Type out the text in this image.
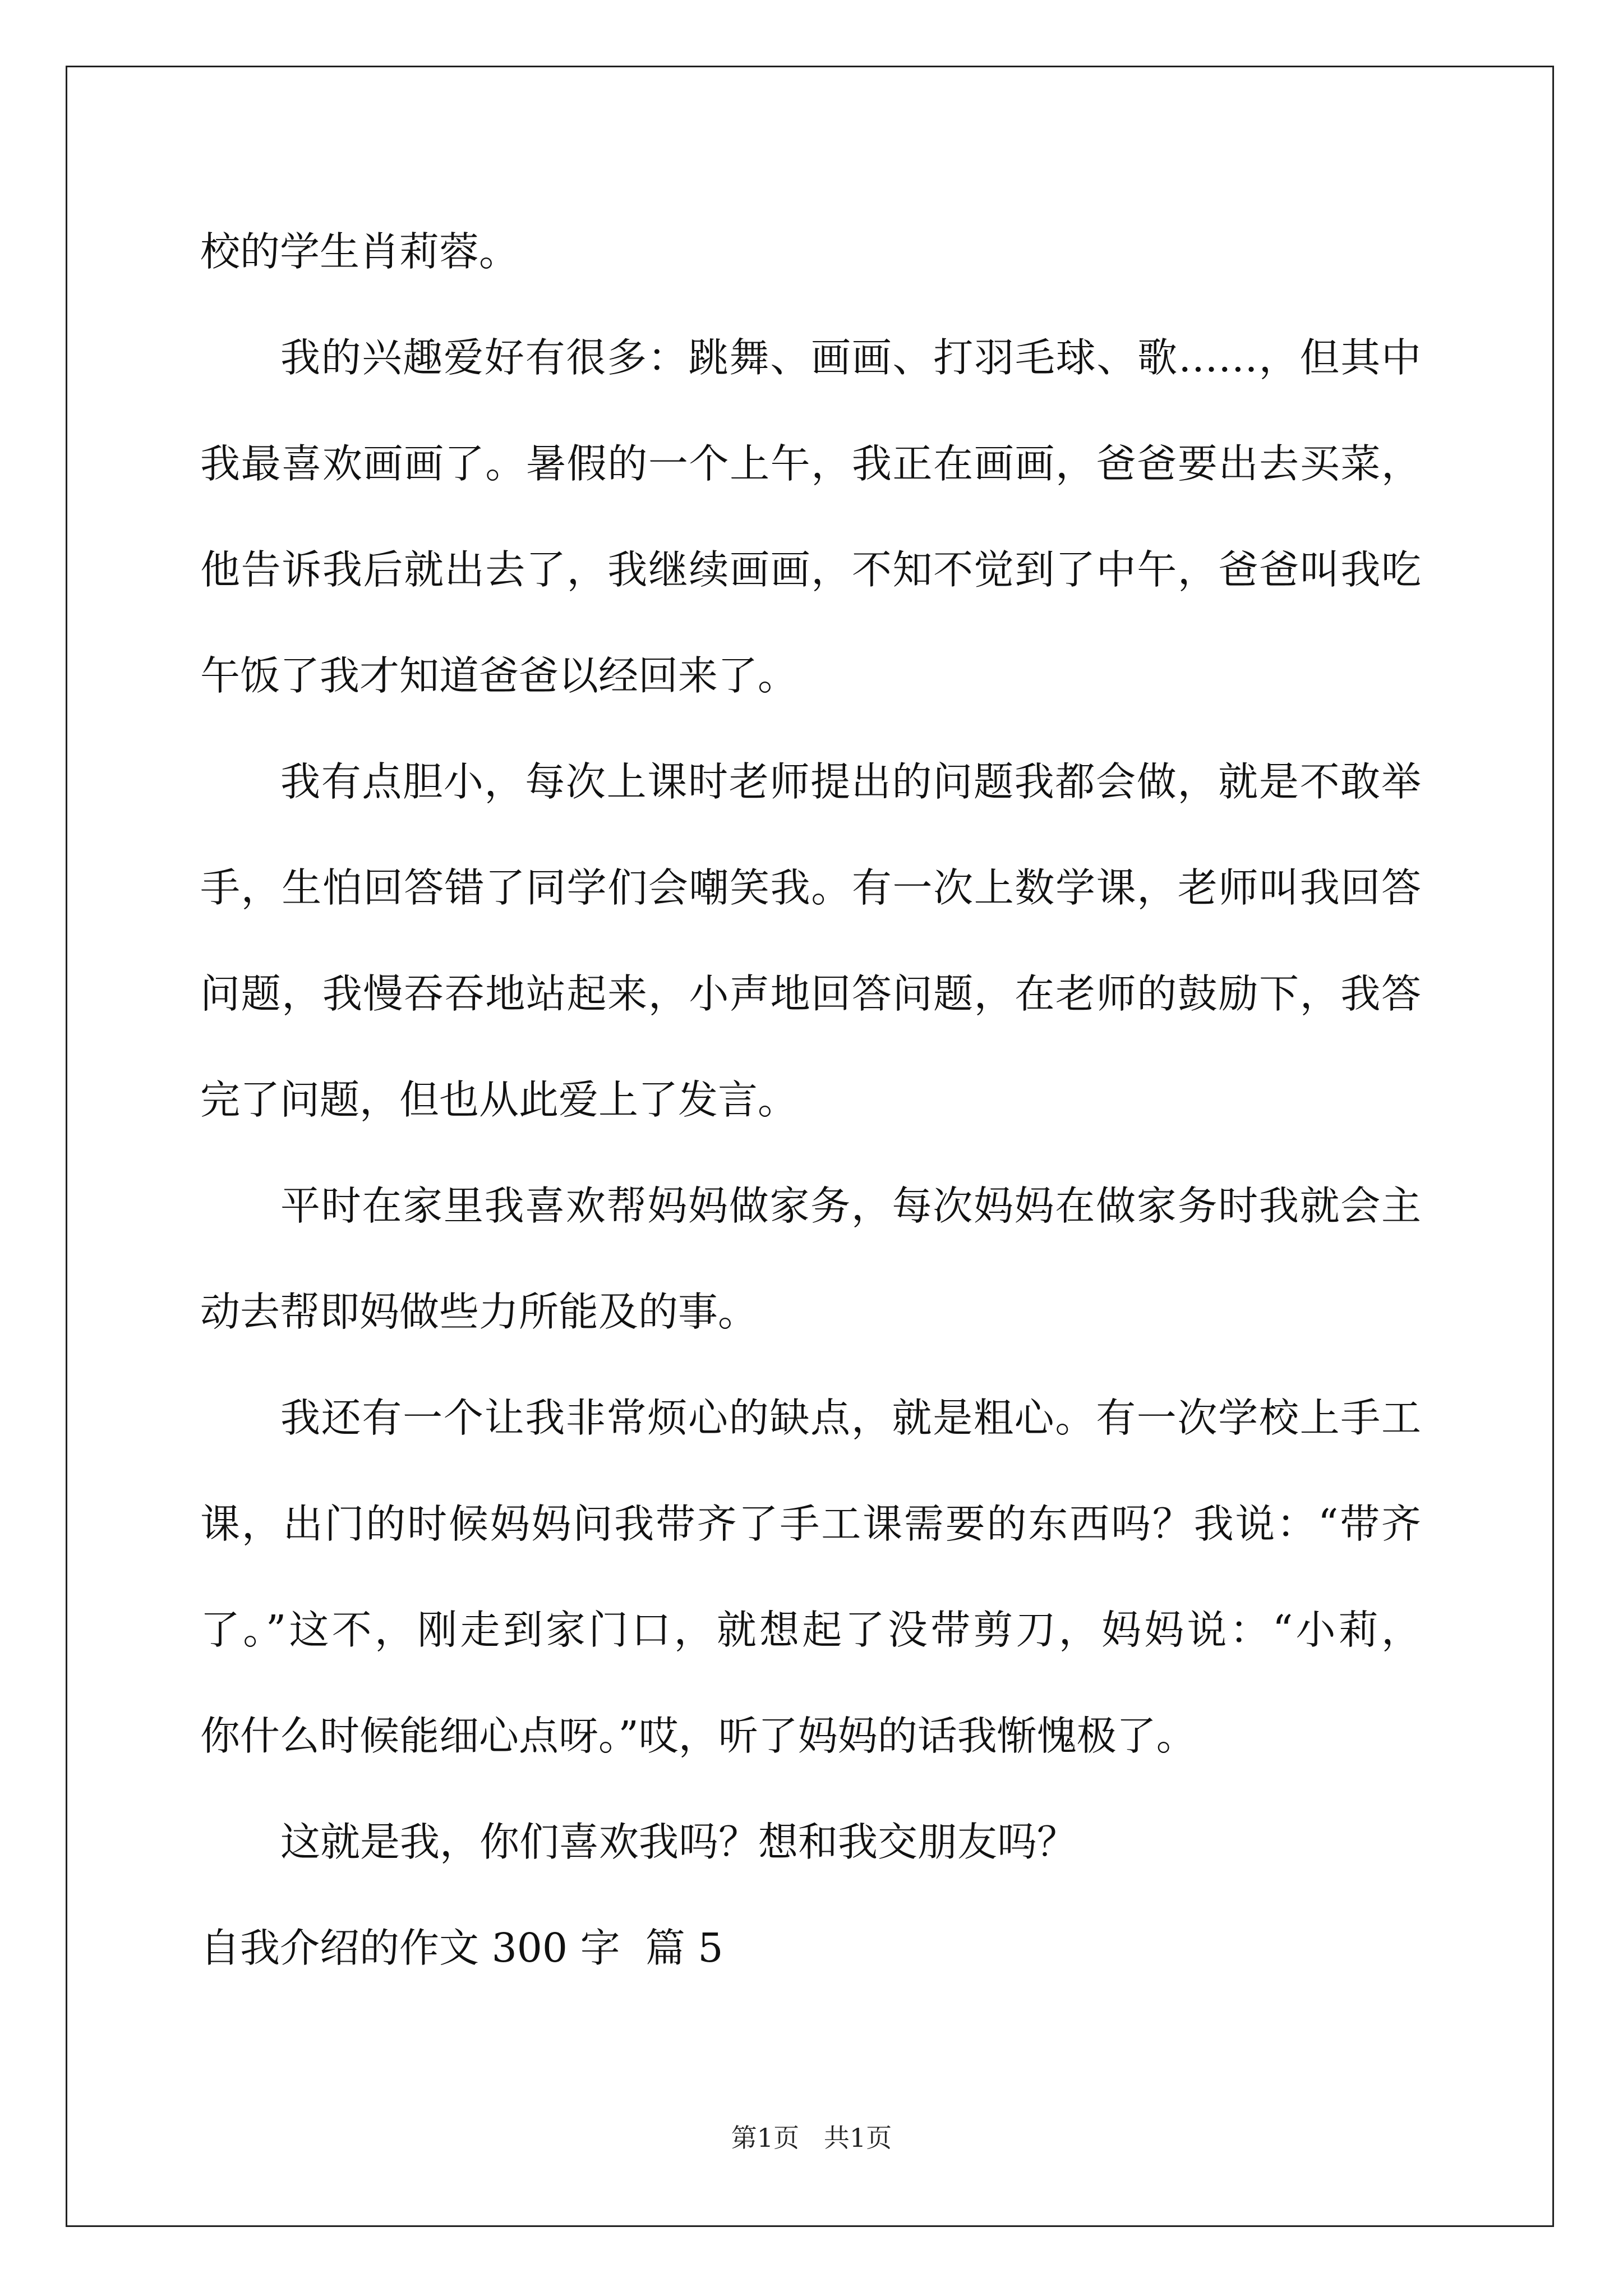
校的学生肖莉蓉。
我的兴趣爱好有很多：跳舞、画画、打羽毛球、歌……，但其中
我最喜欢画画了。暑假的一个上午，我正在画画，爸爸要出去买菜，
他告诉我后就出去了，我继续画画，不知不觉到了中午，爸爸叫我吃
午饭了我才知道爸爸以经回来了。
我有点胆小，每次上课时老师提出的问题我都会做，就是不敢举
手，生怕回答错了同学们会嘲笑我。有一次上数学课，老师叫我回答
问题，我慢吞吞地站起来，小声地回答问题，在老师的鼓励下，我答
完了问题，但也从此爱上了发言。
平时在家里我喜欢帮妈妈做家务，每次妈妈在做家务时我就会主
动去帮即妈做些力所能及的事。
我还有一个让我非常烦心的缺点，就是粗心。有一次学校上手工
课，出门的时候妈妈问我带齐了手工课需要的东西吗？我说：“带齐
了。”这不，刚走到家门口，就想起了没带剪刀，妈妈说：“小莉，
你什么时候能细心点呀。”哎，听了妈妈的话我惭愧极了。
这就是我，你们喜欢我吗？想和我交朋友吗？
自我介绍的作文 300 字  篇 5
第1页   共1页
